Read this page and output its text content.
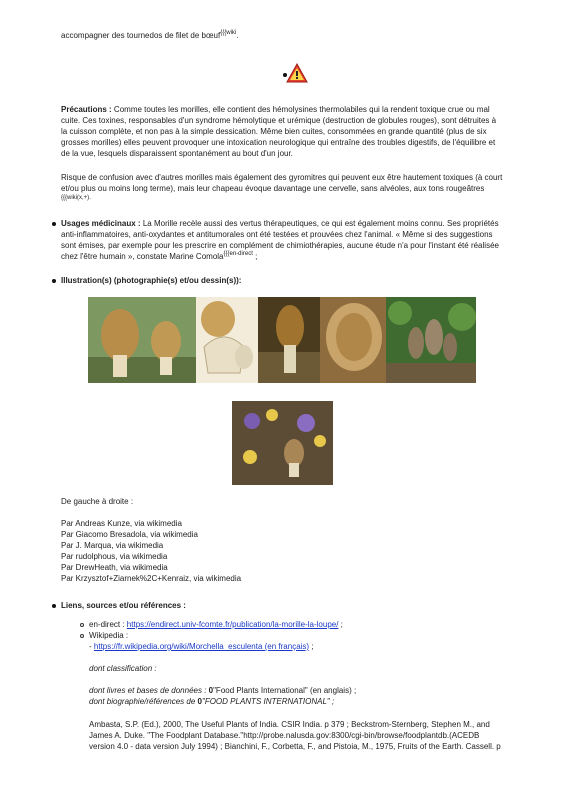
accompagner des tournedos de filet de bœuf$^{\{\{\{wiki}$.

Précautions : Comme toutes les morilles, elle contient des hémolysines thermolabiles qui la rendent toxique crue ou mal

cuite. Ces toxines, responsables d'un syndrome hémolytique et urémique (destruction de globules rouges), sont détruites à

la cuisson complète, et non pas à la simple dessication. Même bien cuites, consommées en grande quantité (plus de six

grosses morilles) elles peuvent provoquer une intoxication neurologique qui entraîne des troubles digestifs, de l'équilibre et

de la vue, lesquels disparaissent spontanément au bout d'un jour.

Risque de confusion avec d'autres morilles mais également des gyromitres qui peuvent eux être hautement toxiques (à court

et/ou plus ou moins long terme), mais leur chapeau évoque davantage une cervelle, sans alvéoles, aux tons rougeâtres

{{{wiki(x,+).

Usages médicinaux : La Morille recèle aussi des vertus thérapeutiques, ce qui est également moins connu. Ses propriétés

anti-inflammatoires, anti-oxydantes et antitumorales ont été testées et prouvées chez l'animal. « Même si des suggestions

sont émises, par exemple pour les prescrire en complément de chimiothérapies, aucune étude n'a pour l'instant été réalisée

chez l'être humain », constate Marine Comola$^{\{\{\{en-direct}$ ;

Illustration(s) (photographie(s) et/ou dessin(s)):

De gauche à droite :

Par Andreas Kunze, via wikimedia

Par Giacomo Bresadola, via wikimedia

Par J. Marqua, via wikimedia

Par rudolphous, via wikimedia

Par DrewHeath, via wikimedia

Par Krzysztof+Ziarnek%2C+Kenraiz, via wikimedia

Liens, sources et/ou références :

en-direct : https://endirect.univ-fcomte.fr/publication/la-morille-la-loupe/ ;

Wikipedia :

- https://fr.wikipedia.org/wiki/Morchella_esculenta (en français) ;

dont classification :

dont livres et bases de données : 0"Food Plants International" (en anglais) ;

dont biographie/références de 0"FOOD PLANTS INTERNATIONAL" ;

Ambasta, S.P. (Ed.), 2000, The Useful Plants of India. CSIR India. p 379 ; Beckstrom-Sternberg, Stephen M., and

James A. Duke. "The Foodplant Database."http://probe.nalusda.gov:8300/cgi-bin/browse/foodplantdb.(ACEDB

version 4.0 - data version July 1994) ; Bianchini, F., Corbetta, F., and Pistoia, M., 1975, Fruits of the Earth. Cassell. p
